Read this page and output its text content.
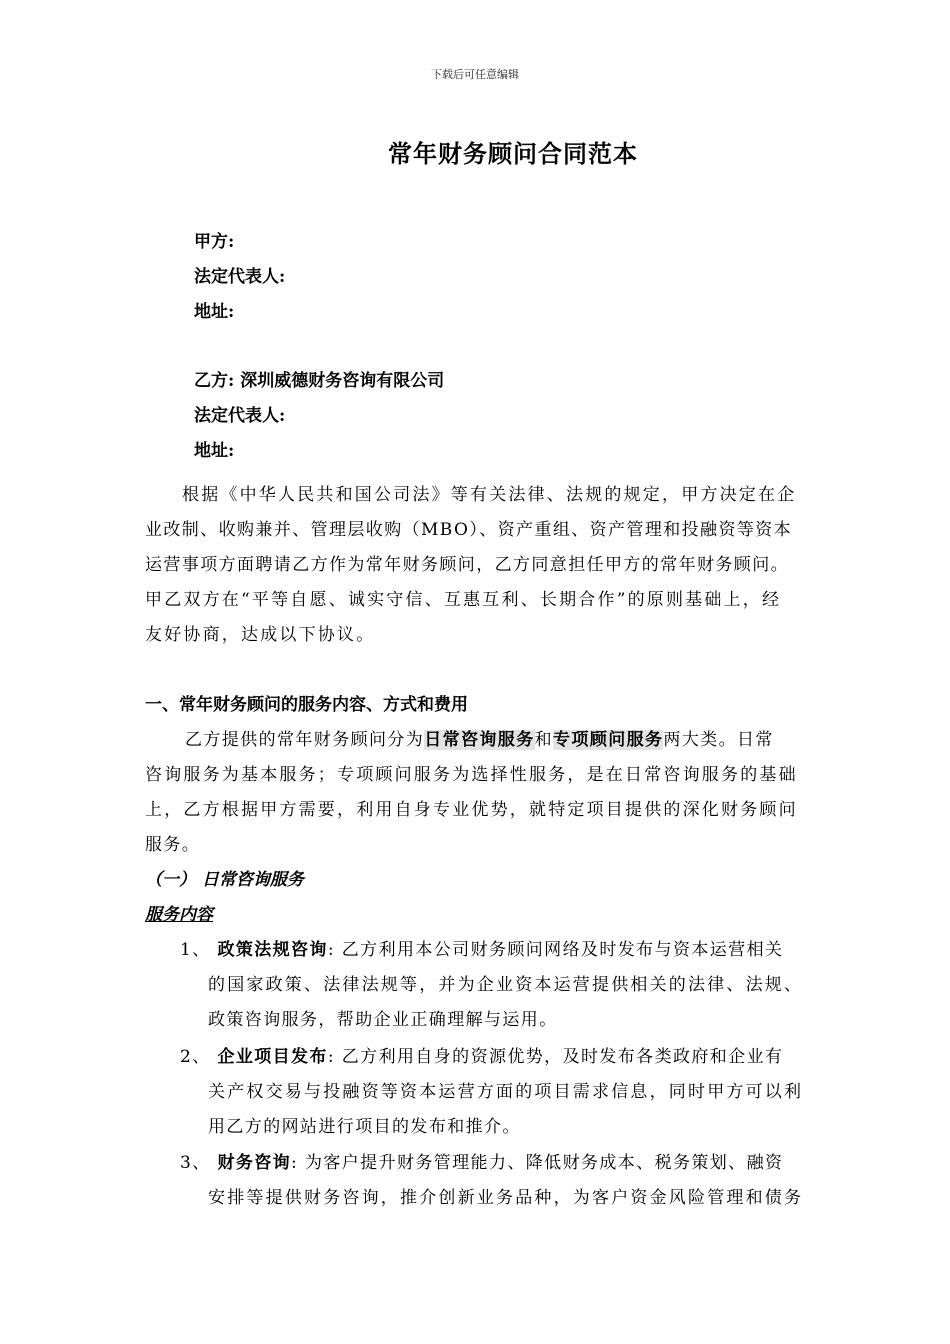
下载后可任意编辑
常年财务顾问合同范本
甲方:
法定代表人:
地址:
乙方: 深圳威德财务咨询有限公司
法定代表人:
地址:
根据《中华人民共和国公司法》等有关法律、法规的规定，甲方决定在企
业改制、收购兼并、管理层收购（MBO）、资产重组、资产管理和投融资等资本
运营事项方面聘请乙方作为常年财务顾问，乙方同意担任甲方的常年财务顾问。
甲乙双方在“平等自愿、诚实守信、互惠互利、长期合作”的原则基础上，经
友好协商，达成以下协议。
一、常年财务顾问的服务内容、方式和费用
乙方提供的常年财务顾问分为日常咨询服务和专项顾问服务两大类。日常
咨询服务为基本服务；专项顾问服务为选择性服务，是在日常咨询服务的基础
上，乙方根据甲方需要，利用自身专业优势，就特定项目提供的深化财务顾问
服务。
（一） 日常咨询服务
服务内容
1、 政策法规咨询: 乙方利用本公司财务顾问网络及时发布与资本运营相关
的国家政策、法律法规等，并为企业资本运营提供相关的法律、法规、
政策咨询服务，帮助企业正确理解与运用。
2、 企业项目发布: 乙方利用自身的资源优势，及时发布各类政府和企业有
关产权交易与投融资等资本运营方面的项目需求信息，同时甲方可以利
用乙方的网站进行项目的发布和推介。
3、 财务咨询: 为客户提升财务管理能力、降低财务成本、税务策划、融资
安排等提供财务咨询，推介创新业务品种，为客户资金风险管理和债务
